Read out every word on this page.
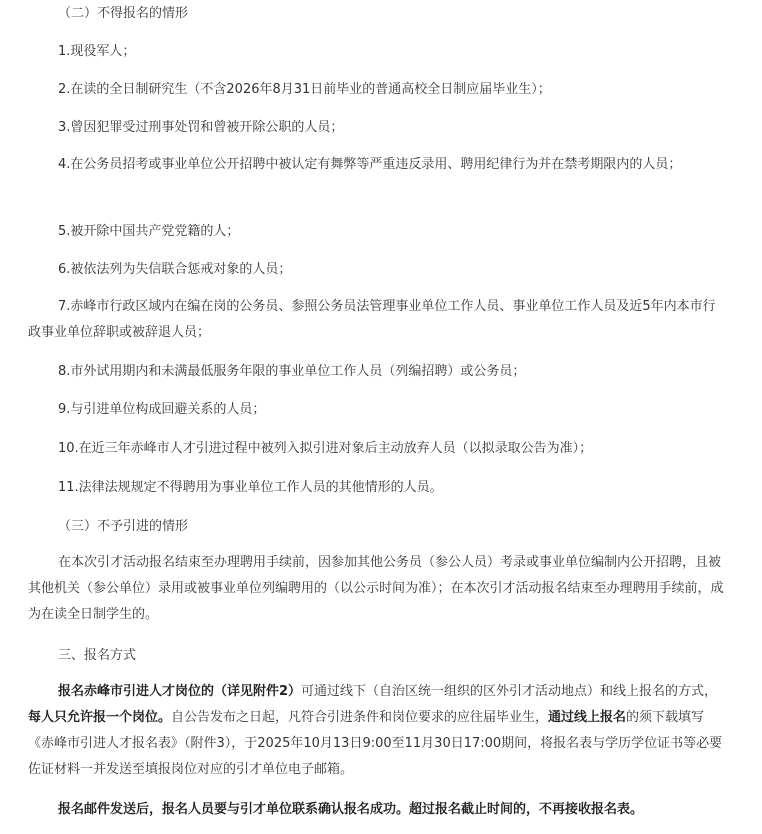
（二）不得报名的情形

1.现役军人；

2.在读的全日制研究生（不含2026年8月31日前毕业的普通高校全日制应届毕业生）；

3.曾因犯罪受过刑事处罚和曾被开除公职的人员；

4.在公务员招考或事业单位公开招聘中被认定有舞弊等严重违反录用、聘用纪律行为并在禁考期限内的人员；

5.被开除中国共产党党籍的人；

6.被依法列为失信联合惩戒对象的人员；

7.赤峰市行政区域内在编在岗的公务员、参照公务员法管理事业单位工作人员、事业单位工作人员及近5年内本市行政事业单位辞职或被辞退人员；

8.市外试用期内和未满最低服务年限的事业单位工作人员（列编招聘）或公务员；

9.与引进单位构成回避关系的人员；

10.在近三年赤峰市人才引进过程中被列入拟引进对象后主动放弃人员（以拟录取公告为准）；

11.法律法规规定不得聘用为事业单位工作人员的其他情形的人员。

（三）不予引进的情形

在本次引才活动报名结束至办理聘用手续前，因参加其他公务员（参公人员）考录或事业单位编制内公开招聘，且被其他机关（参公单位）录用或被事业单位列编聘用的（以公示时间为准）；在本次引才活动报名结束至办理聘用手续前，成为在读全日制学生的。

三、报名方式

报名赤峰市引进人才岗位的（详见附件2）可通过线下（自治区统一组织的区外引才活动地点）和线上报名的方式，每人只允许报一个岗位。自公告发布之日起，凡符合引进条件和岗位要求的应往届毕业生，通过线上报名的须下载填写《赤峰市引进人才报名表》（附件3），于2025年10月13日9:00至11月30日17:00期间，将报名表与学历学位证书等必要佐证材料一并发送至填报岗位对应的引才单位电子邮箱。

报名邮件发送后，报名人员要与引才单位联系确认报名成功。超过报名截止时间的，不再接收报名表。
